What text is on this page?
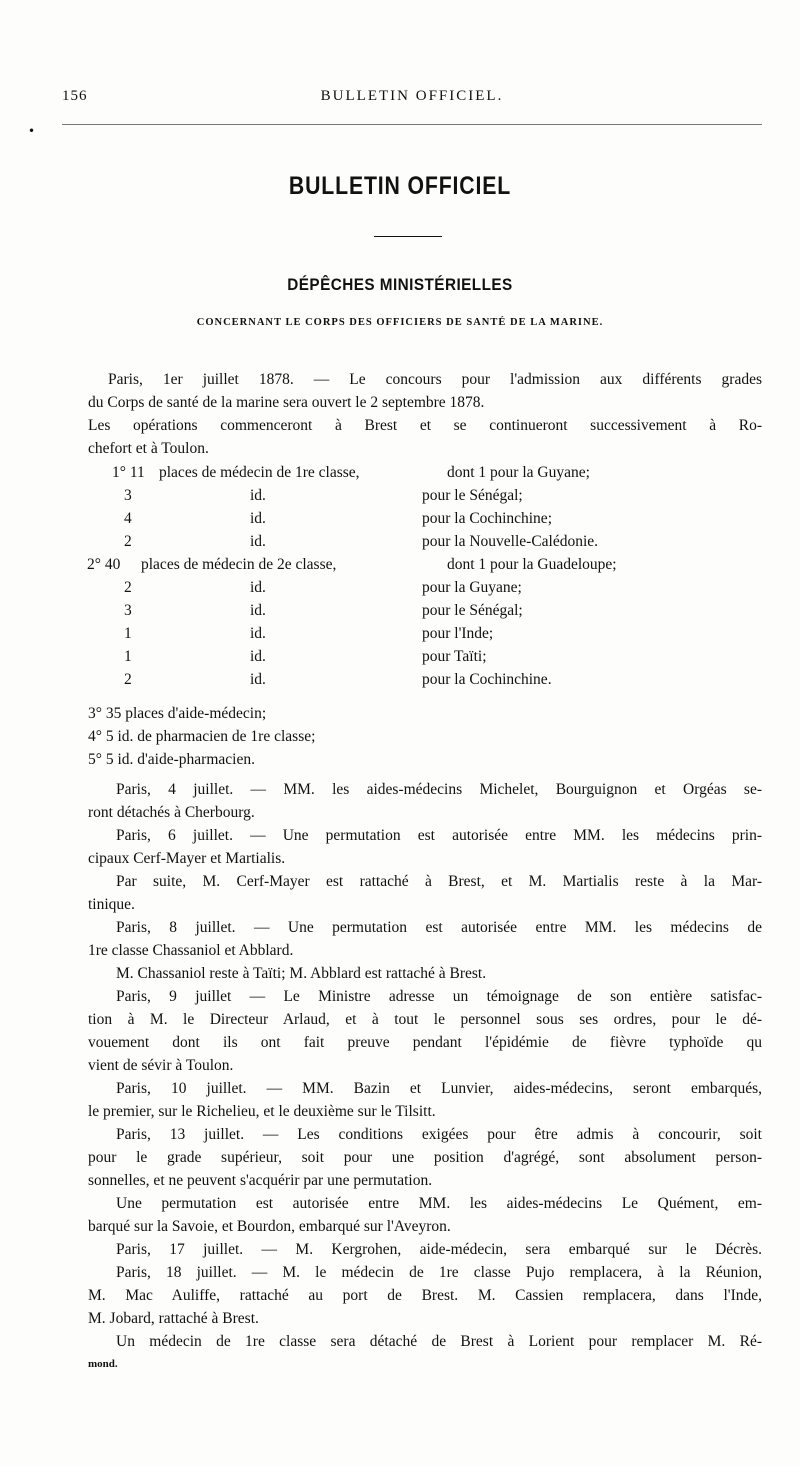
•
156	BULLETIN OFFICIEL.
BULLETIN OFFICIEL
DÉPÊCHES MINISTÉRIELLES
CONCERNANT LE CORPS DES OFFICIERS DE SANTÉ DE LA MARINE.
Paris, 1er juillet 1878. — Le concours pour l'admission aux différents grades
du Corps de santé de la marine sera ouvert le 2 septembre 1878.
Les opérations commenceront à Brest et se continueront successivement à Ro-
chefort et à Toulon.
1° 11 places de médecin de 1re classe,	dont 1 pour la Guyane;
3	id.	pour le Sénégal;
4	id.	pour la Cochinchine;
2	id.	pour la Nouvelle-Calédonie.
2° 40 places de médecin de 2e classe,	dont 1 pour la Guadeloupe;
2	id.	pour la Guyane;
3	id.	pour le Sénégal;
1	id.	pour l'Inde;
1	id.	pour Taïti;
2	id.	pour la Cochinchine.
3° 35 places d'aide-médecin;
4° 5 id. de pharmacien de 1re classe;
5° 5 id. d'aide-pharmacien.
Paris, 4 juillet. — MM. les aides-médecins Michelet, Bourguignon et Orgéas se-
ront détachés à Cherbourg.
Paris, 6 juillet. — Une permutation est autorisée entre MM. les médecins prin-
cipaux Cerf-Mayer et Martialis.
Par suite, M. Cerf-Mayer est rattaché à Brest, et M. Martialis reste à la Mar-
tinique.
Paris, 8 juillet. — Une permutation est autorisée entre MM. les médecins de
1re classe Chassaniol et Abblard.
M. Chassaniol reste à Taïti; M. Abblard est rattaché à Brest.
Paris, 9 juillet — Le Ministre adresse un témoignage de son entière satisfac-
tion à M. le Directeur Arlaud, et à tout le personnel sous ses ordres, pour le dé-
vouement dont ils ont fait preuve pendant l'épidémie de fièvre typhoïde qu
vient de sévir à Toulon.
Paris, 10 juillet. — MM. Bazin et Lunvier, aides-médecins, seront embarqués,
le premier, sur le Richelieu, et le deuxième sur le Tilsitt.
Paris, 13 juillet. — Les conditions exigées pour être admis à concourir, soit
pour le grade supérieur, soit pour une position d'agrégé, sont absolument person-
sonnelles, et ne peuvent s'acquérir par une permutation.
Une permutation est autorisée entre MM. les aides-médecins Le Quément, em-
barqué sur la Savoie, et Bourdon, embarqué sur l'Aveyron.
Paris, 17 juillet. — M. Kergrohen, aide-médecin, sera embarqué sur le Décrès.
Paris, 18 juillet. — M. le médecin de 1re classe Pujo remplacera, à la Réunion,
M. Mac Auliffe, rattaché au port de Brest. M. Cassien remplacera, dans l'Inde,
M. Jobard, rattaché à Brest.
Un médecin de 1re classe sera détaché de Brest à Lorient pour remplacer M. Ré-
mond.
